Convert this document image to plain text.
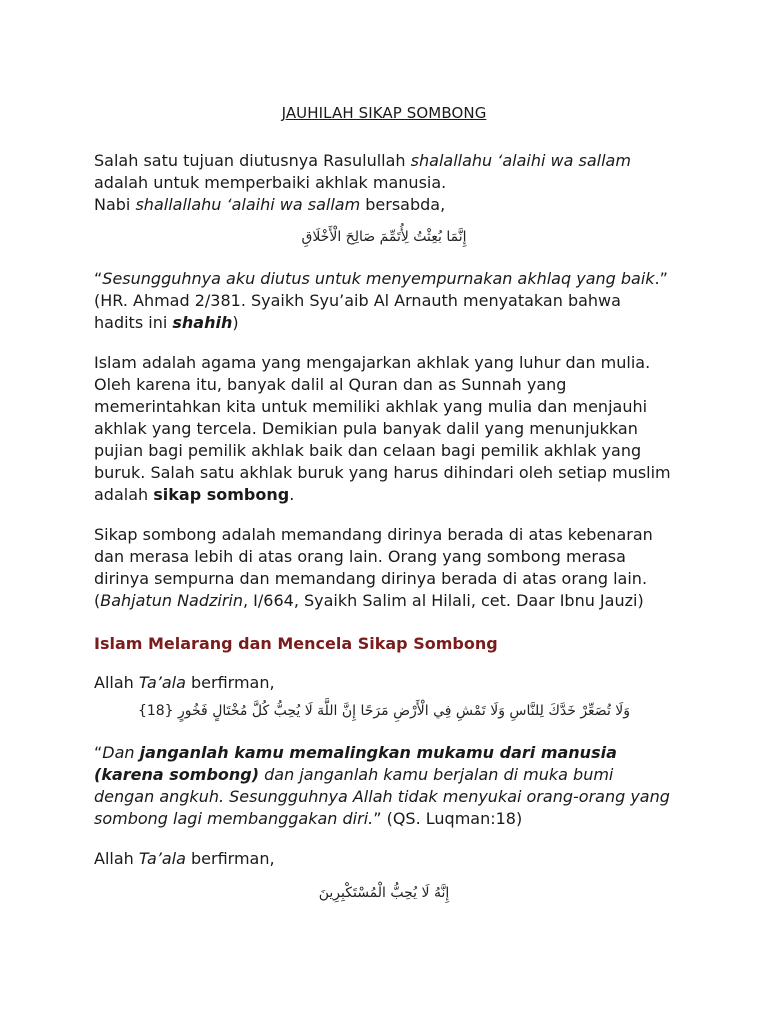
JAUHILAH SIKAP SOMBONG

Salah satu tujuan diutusnya Rasulullah shalallahu ‘alaihi wa sallam adalah untuk memperbaiki akhlak manusia.
Nabi shallallahu ‘alaihi wa sallam bersabda,

إِنَّمَا بُعِثْتُ لِأُتَمِّمَ صَالِحَ الْأَخْلَاقِ

“Sesungguhnya aku diutus untuk menyempurnakan akhlaq yang baik.” (HR. Ahmad 2/381. Syaikh Syu’aib Al Arnauth menyatakan bahwa hadits ini shahih)

Islam adalah agama yang mengajarkan akhlak yang luhur dan mulia. Oleh karena itu, banyak dalil al Quran dan as Sunnah yang memerintahkan kita untuk memiliki akhlak yang mulia dan menjauhi akhlak yang tercela. Demikian pula banyak dalil yang menunjukkan pujian bagi pemilik akhlak baik dan celaan bagi pemilik akhlak yang buruk. Salah satu akhlak buruk yang harus dihindari oleh setiap muslim adalah sikap sombong.

Sikap sombong adalah memandang dirinya berada di atas kebenaran dan merasa lebih di atas orang lain. Orang yang sombong merasa dirinya sempurna dan memandang dirinya berada di atas orang lain. (Bahjatun Nadzirin, I/664, Syaikh Salim al Hilali, cet. Daar Ibnu Jauzi)

Islam Melarang dan Mencela Sikap Sombong

Allah Ta’ala berfirman,

وَلَا تُصَعِّرْ خَدَّكَ لِلنَّاسِ وَلَا تَمْشِ فِي الْأَرْضِ مَرَحًا إِنَّ اللَّهَ لَا يُحِبُّ كُلَّ مُخْتَالٍ فَخُورٍ {18}

“Dan janganlah kamu memalingkan mukamu dari manusia (karena sombong) dan janganlah kamu berjalan di muka bumi dengan angkuh. Sesungguhnya Allah tidak menyukai orang-orang yang sombong lagi membanggakan diri.” (QS. Luqman:18)

Allah Ta’ala berfirman,

إِنَّهُ لَا يُحِبُّ الْمُسْتَكْبِرِينَ
